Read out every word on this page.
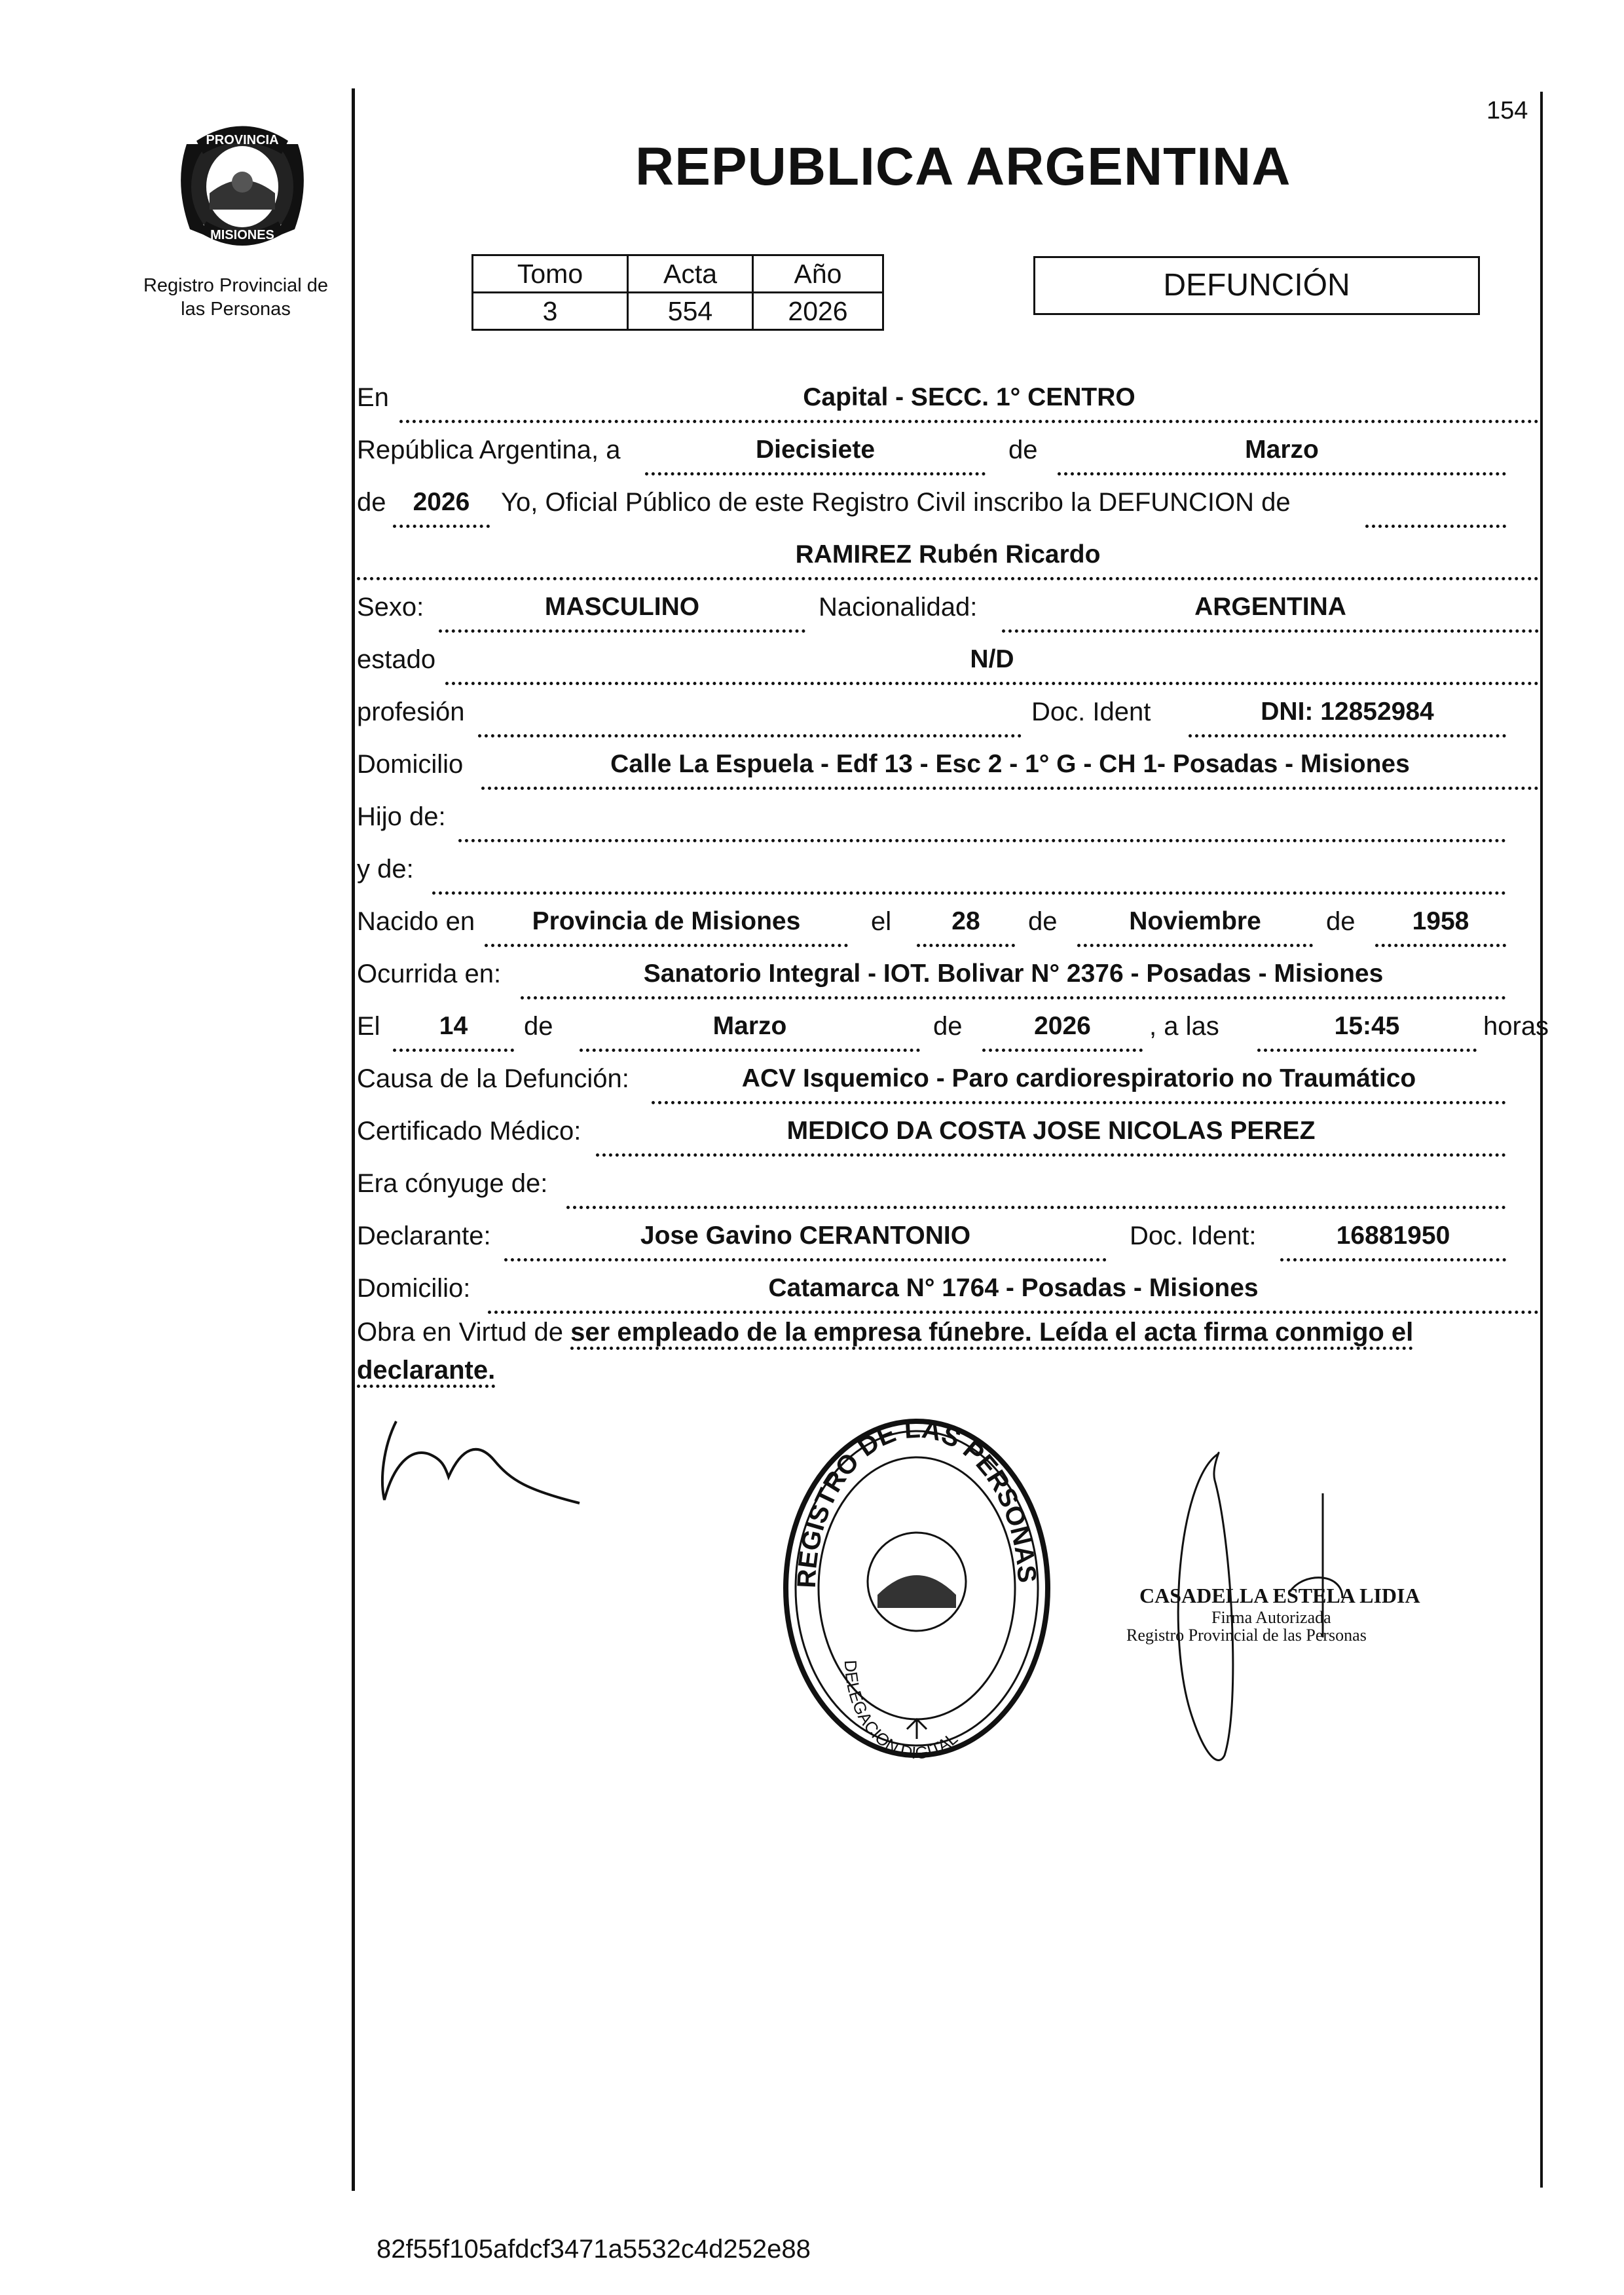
PROVINCIA
MISIONES
Registro Provincial de
las Personas
154
REPUBLICA ARGENTINA
Tomo	Acta	Año
3	554	2026
DEFUNCIÓN
En	Capital - SECC. 1° CENTRO
República Argentina, a	Diecisiete	de	Marzo
de	2026	Yo, Oficial Público de este Registro Civil inscribo la DEFUNCION de
RAMIREZ Rubén Ricardo
Sexo:	MASCULINO	Nacionalidad:	ARGENTINA
estado	N/D
profesión	Doc. Ident	DNI: 12852984
Domicilio	Calle La Espuela - Edf 13 - Esc 2 - 1° G - CH 1- Posadas - Misiones
Hijo de:
y de:
Nacido en	Provincia de Misiones	el	28	de	Noviembre	de	1958
Ocurrida en:	Sanatorio Integral - IOT. Bolivar N° 2376 - Posadas - Misiones
El	14	de	Marzo	de	2026	, a las	15:45	horas
Causa de la Defunción:	ACV Isquemico - Paro cardiorespiratorio no Traumático
Certificado Médico:	MEDICO DA COSTA JOSE NICOLAS PEREZ
Era cónyuge de:
Declarante:	Jose Gavino CERANTONIO	Doc. Ident:	16881950
Domicilio:	Catamarca N° 1764 - Posadas - Misiones
Obra en Virtud de ser empleado de la empresa fúnebre. Leída el acta firma conmigo el
declarante.
REGISTRO DE LAS PERSONAS
DELEGACION DIGITAL
CASADELLA ESTELA LIDIA
Firma Autorizada
Registro Provincial de las Personas
82f55f105afdcf3471a5532c4d252e88
